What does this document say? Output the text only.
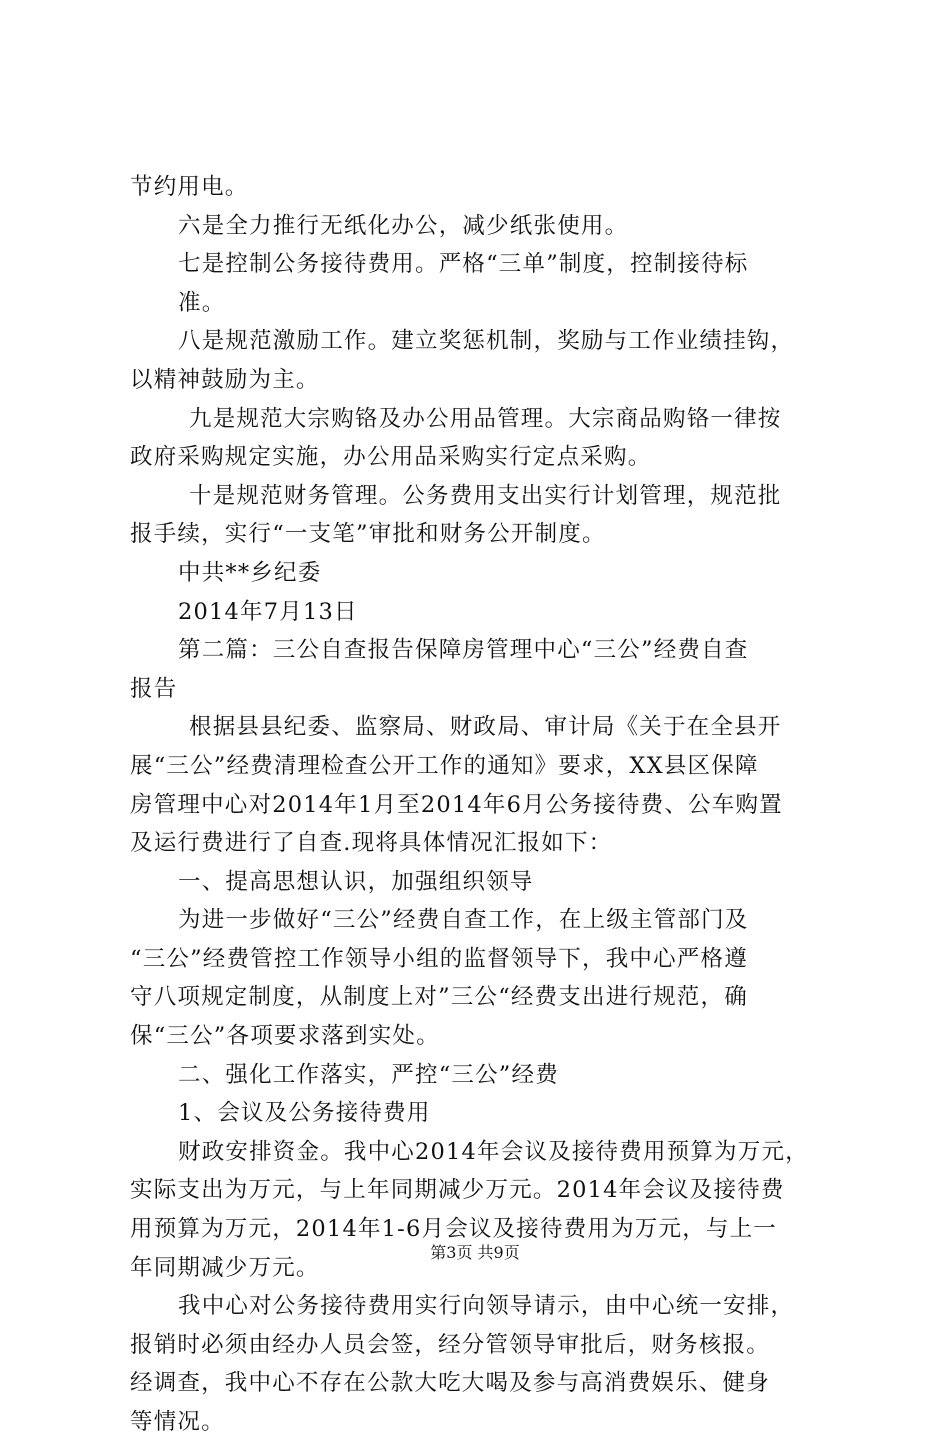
节约用电。
六是全力推行无纸化办公，减少纸张使用。
七是控制公务接待费用。严格“三单”制度，控制接待标
准。
八是规范激励工作。建立奖惩机制，奖励与工作业绩挂钩，
以精神鼓励为主。
九是规范大宗购铬及办公用品管理。大宗商品购铬一律按
政府采购规定实施，办公用品采购实行定点采购。
十是规范财务管理。公务费用支出实行计划管理，规范批
报手续，实行“一支笔”审批和财务公开制度。
中共**乡纪委
2014年7月13日
第二篇：三公自查报告保障房管理中心“三公”经费自查
报告
根据县县纪委、监察局、财政局、审计局《关于在全县开
展“三公”经费清理检查公开工作的通知》要求，XX县区保障
房管理中心对2014年1月至2014年6月公务接待费、公车购置
及运行费进行了自查.现将具体情况汇报如下：
一、提高思想认识，加强组织领导
为进一步做好“三公”经费自查工作，在上级主管部门及
“三公”经费管控工作领导小组的监督领导下，我中心严格遵
守八项规定制度，从制度上对”三公“经费支出进行规范，确
保“三公”各项要求落到实处。
二、强化工作落实，严控“三公”经费
1、会议及公务接待费用
财政安排资金。我中心2014年会议及接待费用预算为万元，
实际支出为万元，与上年同期减少万元。2014年会议及接待费
用预算为万元，2014年1-6月会议及接待费用为万元，与上一
年同期减少万元。
我中心对公务接待费用实行向领导请示，由中心统一安排，
报销时必须由经办人员会签，经分管领导审批后，财务核报。
经调查，我中心不存在公款大吃大喝及参与高消费娱乐、健身
等情况。
第3页 共9页
